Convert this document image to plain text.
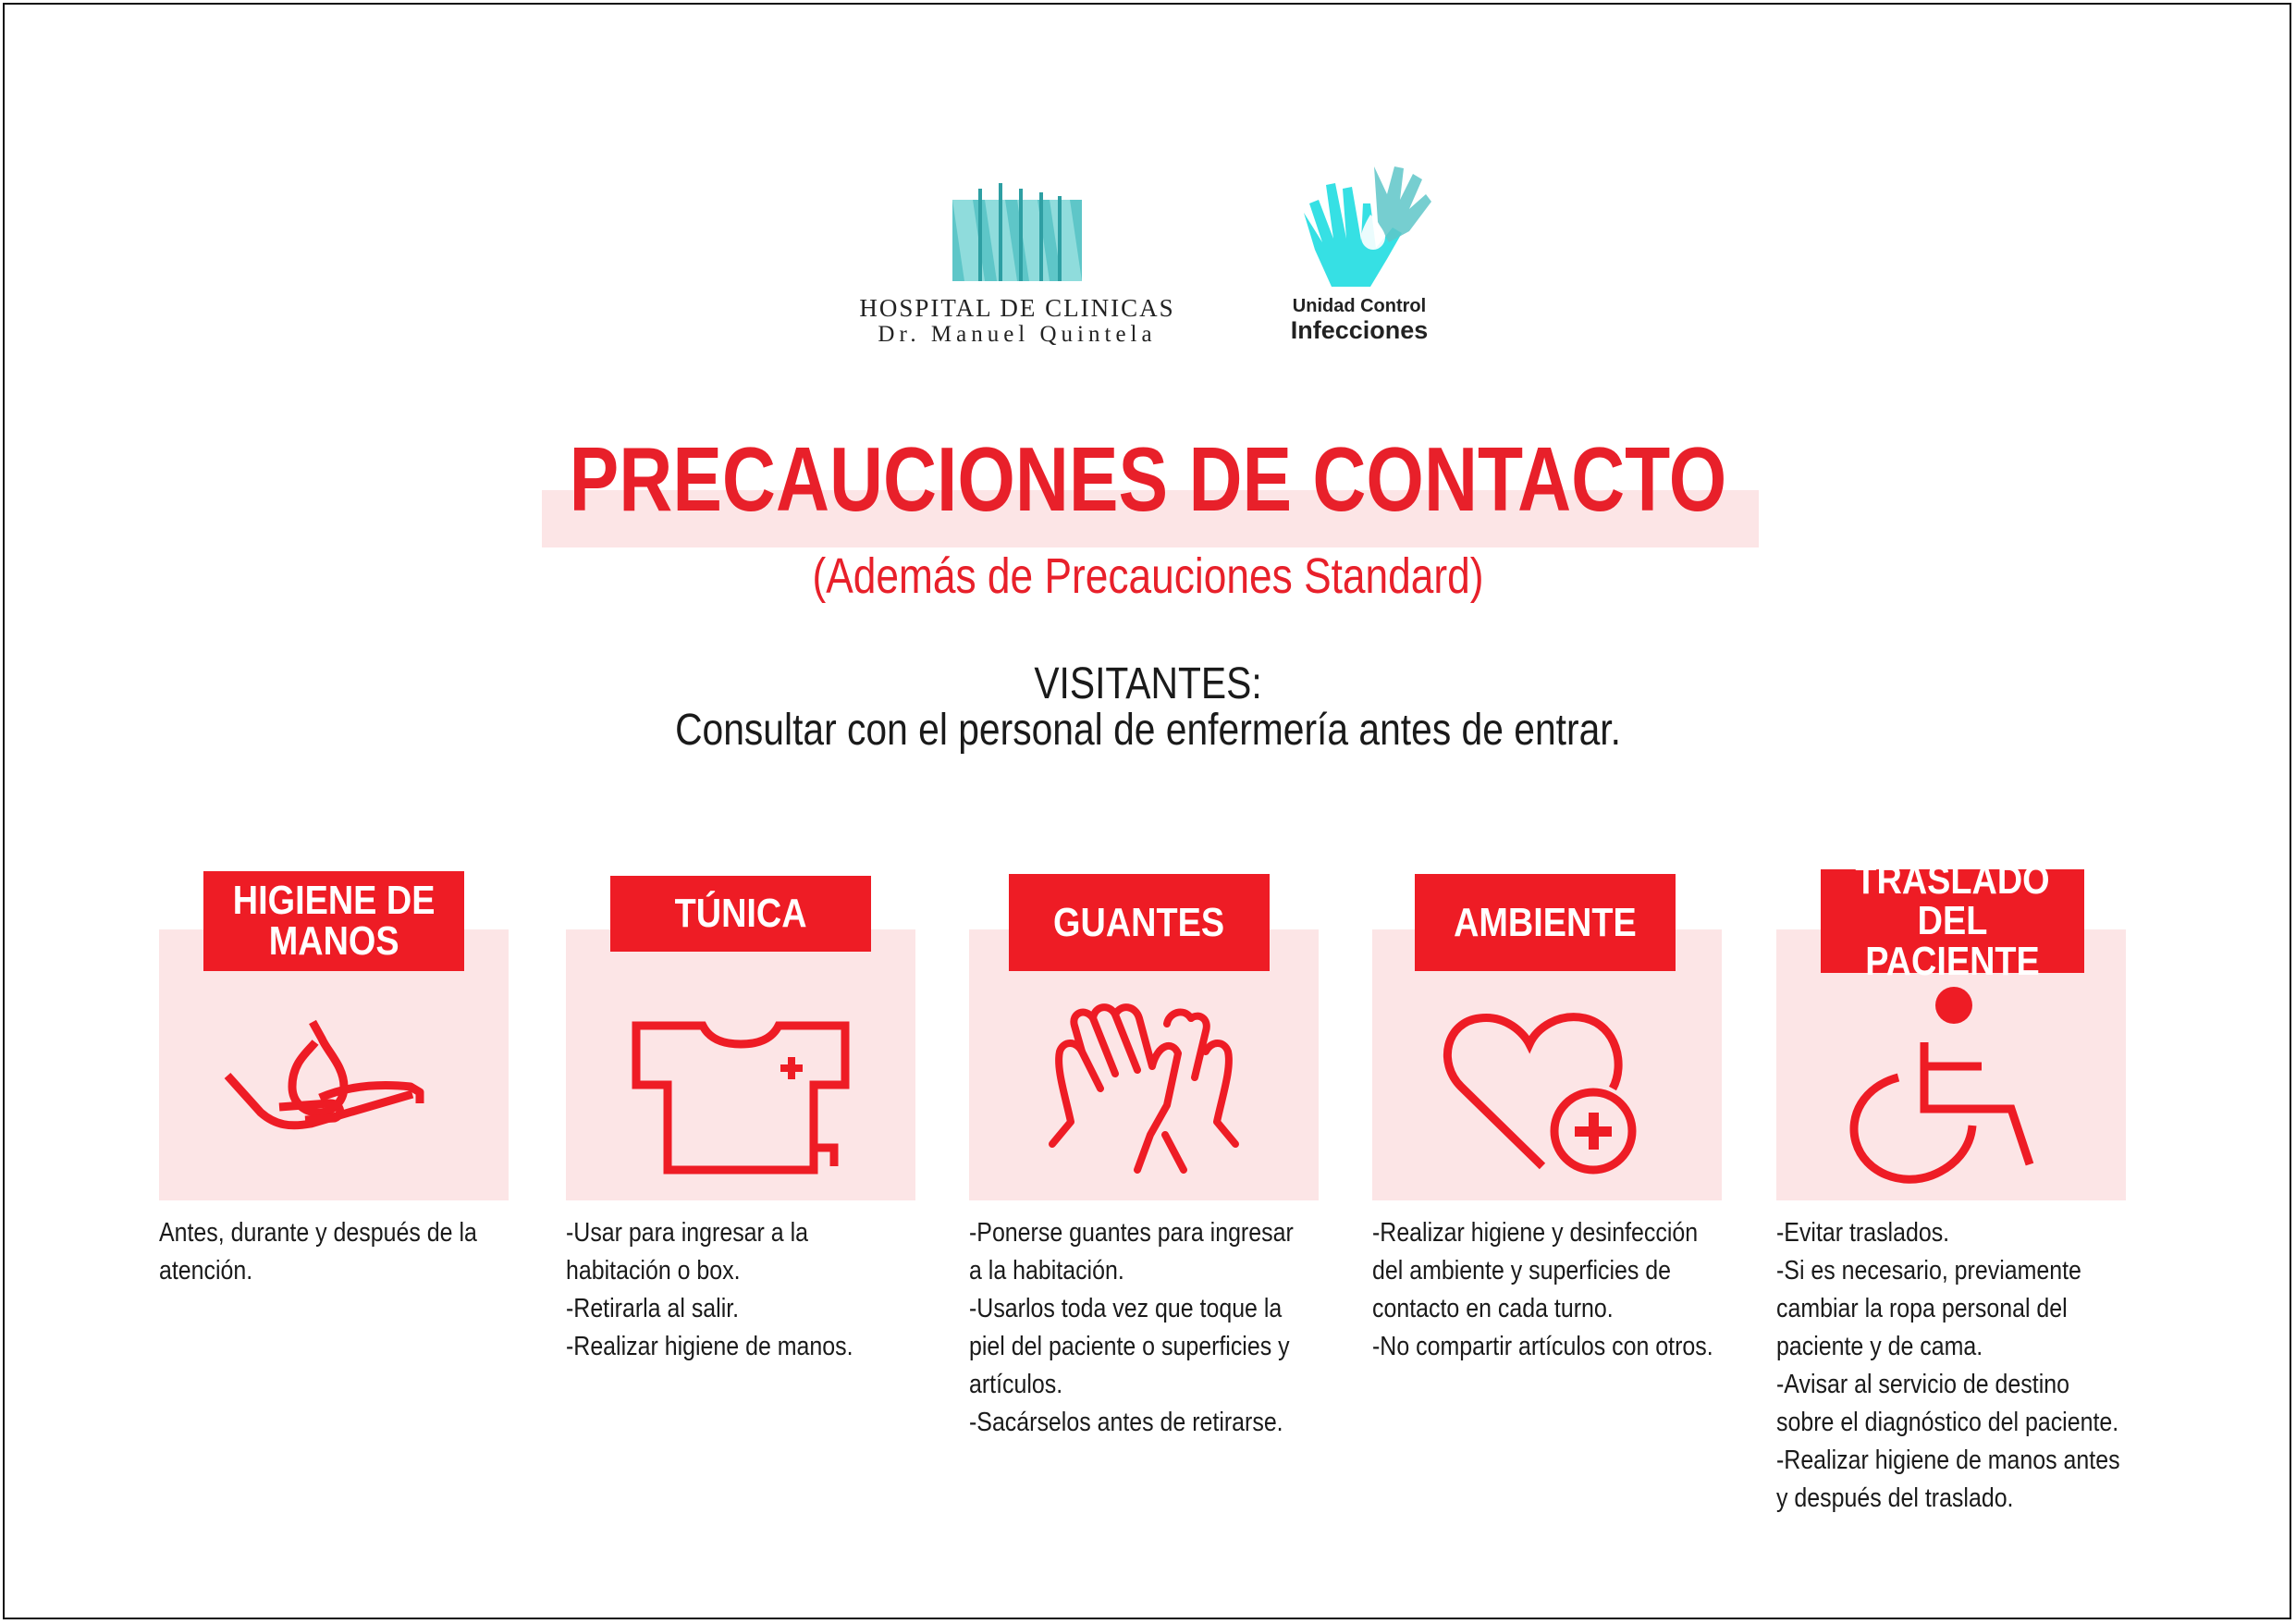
HOSPITAL DE CLINICAS
Dr. Manuel Quintela
Unidad Control
Infecciones
PRECAUCIONES DE CONTACTO
(Además de Precauciones Standard)
VISITANTES:
Consultar con el personal de enfermería antes de entrar.
HIGIENE DE
MANOS
Antes, durante y después de la
atención.
TÚNICA
-Usar para ingresar a la
habitación o box.
-Retirarla al salir.
-Realizar higiene de manos.
GUANTES
-Ponerse guantes para ingresar
a la habitación.
-Usarlos toda vez que toque la
piel del paciente o superficies y
artículos.
-Sacárselos antes de retirarse.
AMBIENTE
-Realizar higiene y desinfección
del ambiente y superficies de
contacto en cada turno.
-No compartir artículos con otros.
TRASLADO
DEL PACIENTE
-Evitar traslados.
-Si es necesario, previamente
cambiar la ropa personal del
paciente y de cama.
-Avisar al servicio de destino
sobre el diagnóstico del paciente.
-Realizar higiene de manos antes
y después del traslado.
